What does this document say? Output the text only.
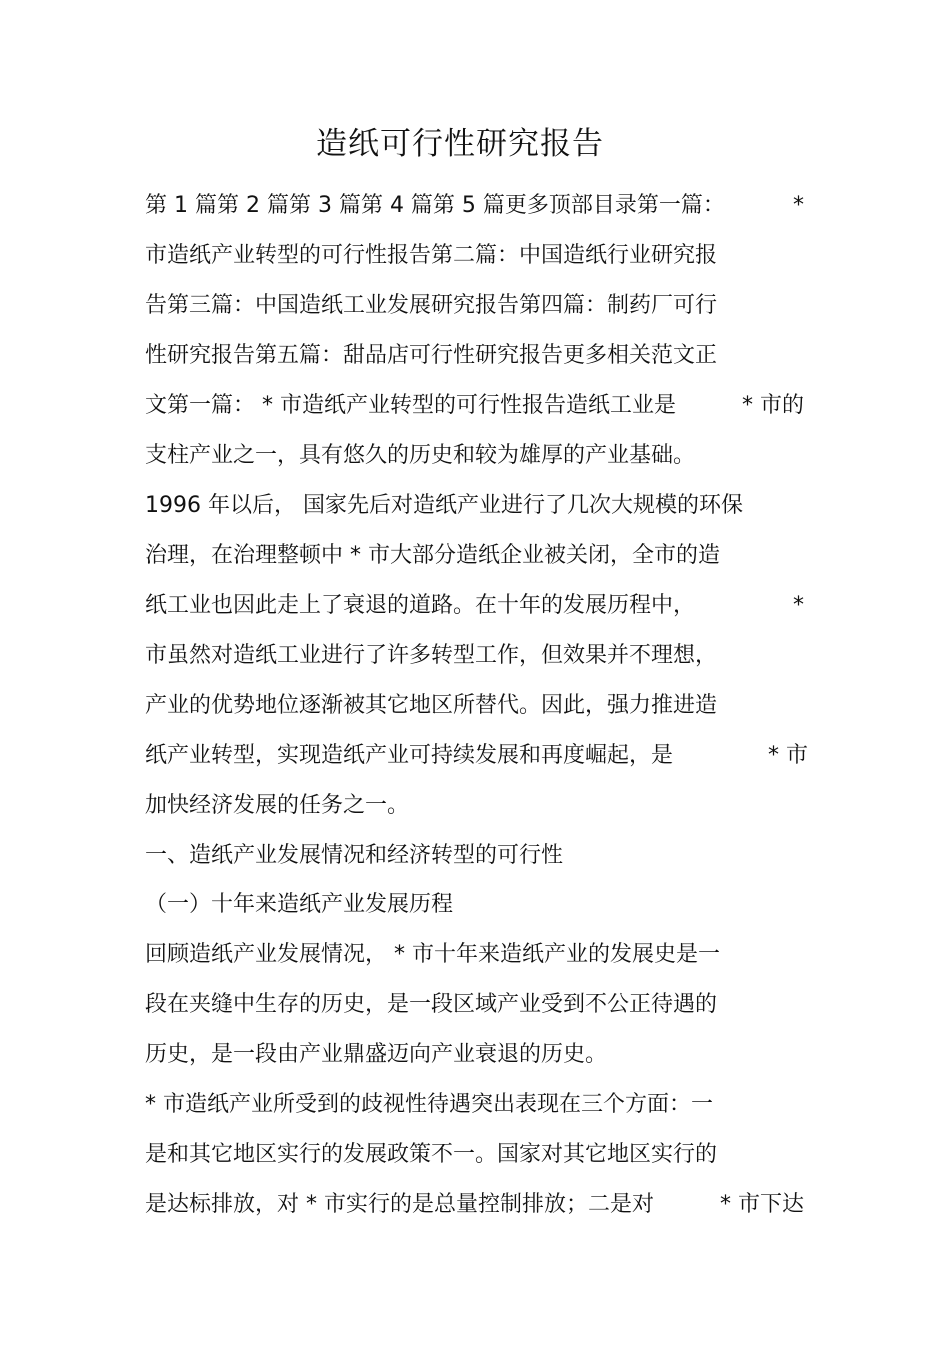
造纸可行性研究报告
第 1 篇第 2 篇第 3 篇第 4 篇第 5 篇更多顶部目录第一篇：	*
市造纸产业转型的可行性报告第二篇：中国造纸行业研究报
告第三篇：中国造纸工业发展研究报告第四篇：制药厂可行
性研究报告第五篇：甜品店可行性研究报告更多相关范文正
文第一篇： * 市造纸产业转型的可行性报告造纸工业是	* 市的
支柱产业之一，具有悠久的历史和较为雄厚的产业基础。
1996 年以后， 国家先后对造纸产业进行了几次大规模的环保
治理，在治理整顿中 * 市大部分造纸企业被关闭，全市的造
纸工业也因此走上了衰退的道路。在十年的发展历程中，	*
市虽然对造纸工业进行了许多转型工作，但效果并不理想，
产业的优势地位逐渐被其它地区所替代。因此，强力推进造
纸产业转型，实现造纸产业可持续发展和再度崛起，是	* 市
加快经济发展的任务之一。
一、造纸产业发展情况和经济转型的可行性
（一）十年来造纸产业发展历程
回顾造纸产业发展情况， * 市十年来造纸产业的发展史是一
段在夹缝中生存的历史，是一段区域产业受到不公正待遇的
历史，是一段由产业鼎盛迈向产业衰退的历史。
* 市造纸产业所受到的歧视性待遇突出表现在三个方面：一
是和其它地区实行的发展政策不一。国家对其它地区实行的
是达标排放，对 * 市实行的是总量控制排放；二是对	* 市下达
